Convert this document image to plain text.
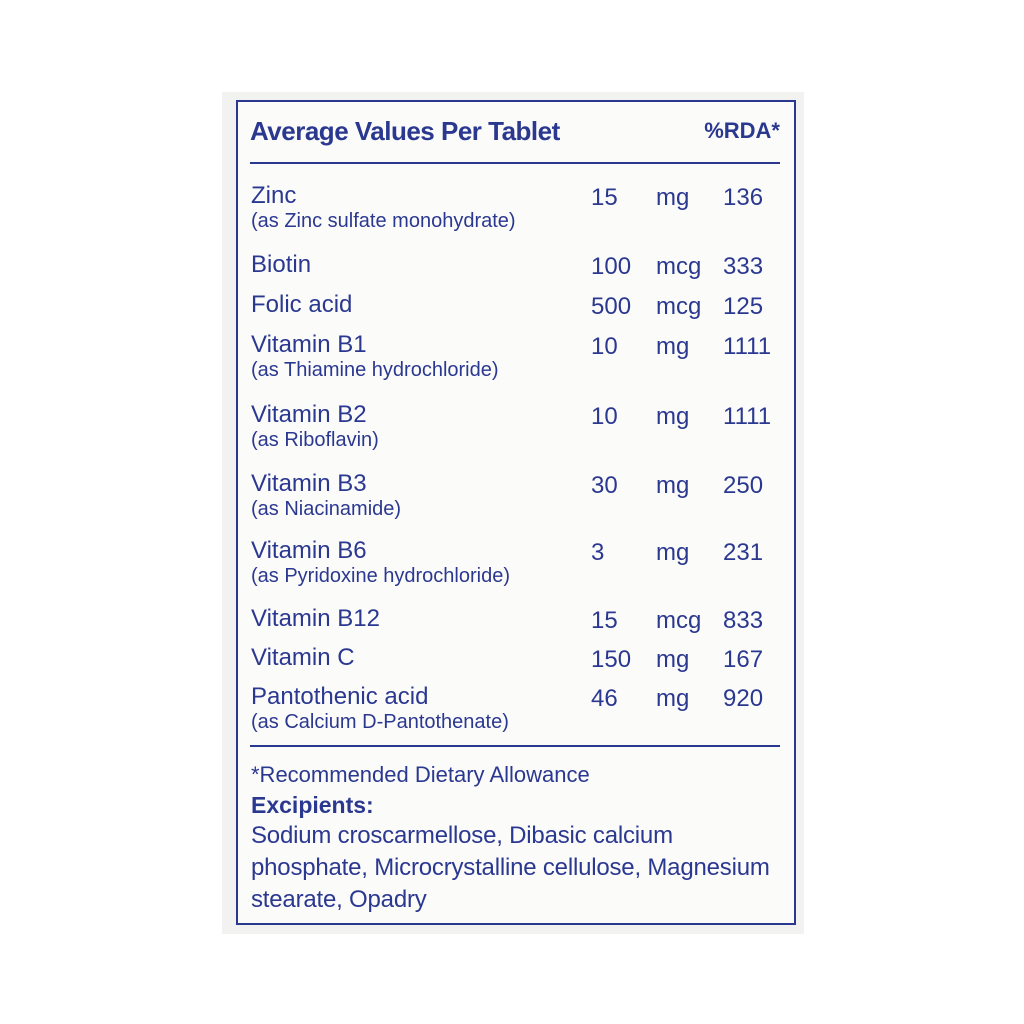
Average Values Per Tablet	%RDA*
Zinc
(as Zinc sulfate monohydrate)
15 mg 136
Biotin	100 mcg 333
Folic acid	500 mcg 125
Vitamin B1
(as Thiamine hydrochloride)
10 mg 1111
Vitamin B2
(as Riboflavin)
10 mg 1111
Vitamin B3
(as Niacinamide)
30 mg 250
Vitamin B6
(as Pyridoxine hydrochloride)
3 mg 231
Vitamin B12	15 mcg 833
Vitamin C	150 mg 167
Pantothenic acid
(as Calcium D-Pantothenate)
46 mg 920
*Recommended Dietary Allowance
Excipients:
Sodium croscarmellose, Dibasic calcium phosphate, Microcrystalline cellulose, Magnesium stearate, Opadry
